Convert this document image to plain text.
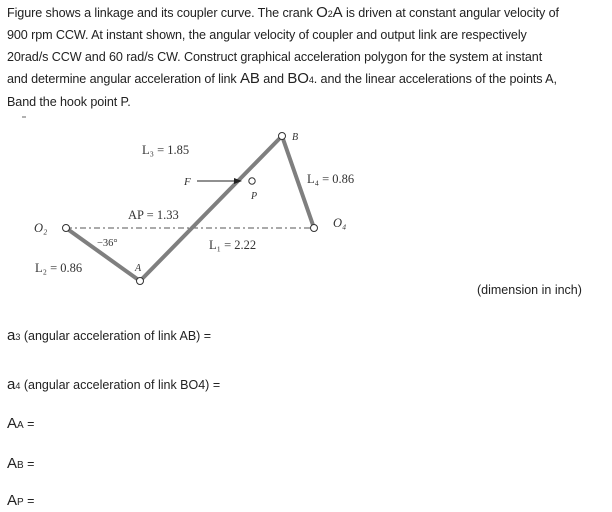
Figure shows a linkage and its coupler curve. The crank O2A is driven at constant angular velocity of
900 rpm CCW. At instant shown, the angular velocity of coupler and output link are respectively
20rad/s CCW and 60 rad/s CW. Construct graphical acceleration polygon for the system at instant
and determine angular acceleration of link AB and BO4. and the linear accelerations of the points A,
Band the hook point P.

L₃ = 1.85
F
P
B
L₄ = 0.86
AP = 1.33
O₂	O₄
−36°	L₁ = 2.22
L₂ = 0.86	A

(dimension in inch)

a3 (angular acceleration of link AB) =

a4 (angular acceleration of link BO4) =

AA =

AB =

AP =
